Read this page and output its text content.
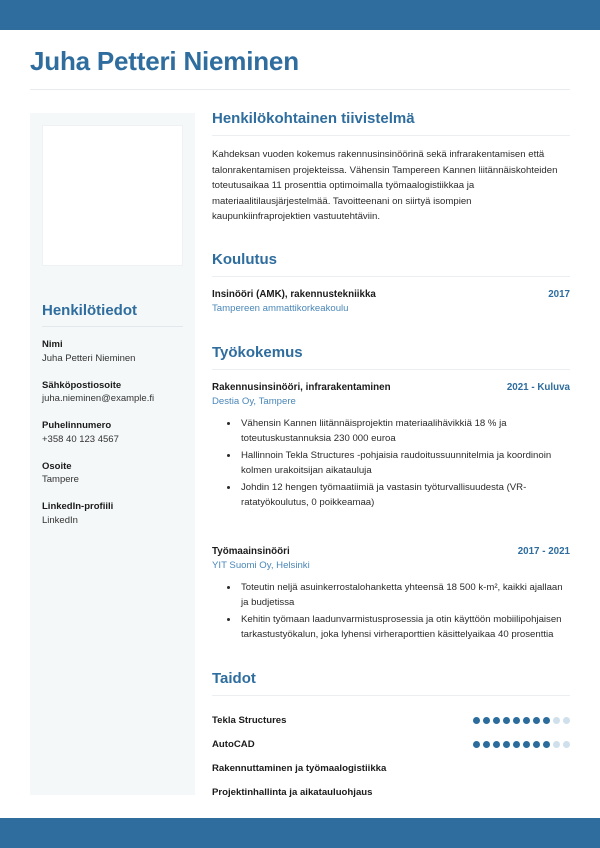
Juha Petteri Nieminen
Henkilötiedot
Nimi
Juha Petteri Nieminen
Sähköpostiosoite
juha.nieminen@example.fi
Puhelinnumero
+358 40 123 4567
Osoite
Tampere
LinkedIn-profiili
LinkedIn
Henkilökohtainen tiivistelmä
Kahdeksan vuoden kokemus rakennusinsinöörinä sekä infrarakentamisen että talonrakentamisen projekteissa. Vähensin Tampereen Kannen liitännäiskohteiden toteutusaikaa 11 prosenttia optimoimalla työmaalogistiikkaa ja materiaalitilausjärjestelmää. Tavoitteenani on siirtyä isompien kaupunkiinfraprojektien vastuutehtäviin.
Koulutus
Insinööri (AMK), rakennustekniikka	2017
Tampereen ammattikorkeakoulu
Työkokemus
Rakennusinsinööri, infrarakentaminen	2021 - Kuluva
Destia Oy, Tampere
• Vähensin Kannen liitännäisprojektin materiaalihävikkiä 18 % ja toteutuskustannuksia 230 000 euroa
• Hallinnoin Tekla Structures -pohjaisia raudoitussuunnitelmia ja koordinoin kolmen urakoitsijan aikatauluja
• Johdin 12 hengen työmaatiimiä ja vastasin työturvallisuudesta (VR-ratatyökoulutus, 0 poikkeamaa)
Työmaainsinööri	2017 - 2021
YIT Suomi Oy, Helsinki
• Toteutin neljä asuinkerrostalohanketta yhteensä 18 500 k-m², kaikki ajallaan ja budjetissa
• Kehitin työmaan laadunvarmistusprosessia ja otin käyttöön mobiilipohjaisen tarkastustyökalun, joka lyhensi virheraporttien käsittelyaikaa 40 prosenttia
Taidot
Tekla Structures
AutoCAD
Rakennuttaminen ja työmaalogistiikka
Projektinhallinta ja aikatauluohjaus
